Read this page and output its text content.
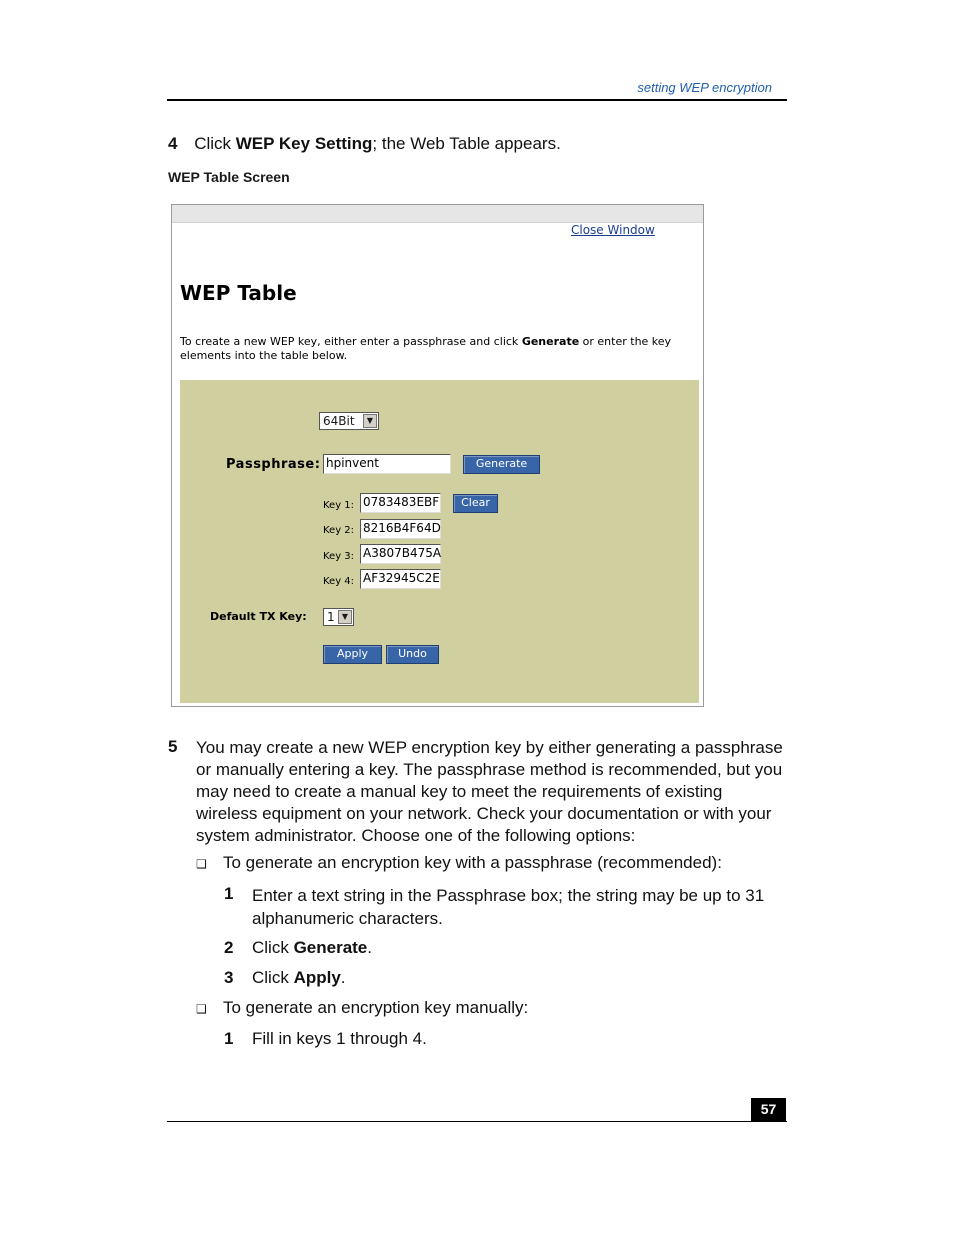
setting WEP encryption
4 Click WEP Key Setting; the Web Table appears.
WEP Table Screen
Close Window
WEP Table
To create a new WEP key, either enter a passphrase and click Generate or enter the key elements into the table below.
64Bit	▼
Passphrase: hpinvent	Generate
Key 1: 0783483EBF	Clear
Key 2: 8216B4F64D
Key 3: A3807B475A
Key 4: AF32945C2E
Default TX Key: 1 ▼
Apply	Undo
5 You may create a new WEP encryption key by either generating a passphrase or manually entering a key. The passphrase method is recommended, but you may need to create a manual key to meet the requirements of existing wireless equipment on your network. Check your documentation or with your system administrator. Choose one of the following options:
❑ To generate an encryption key with a passphrase (recommended):
1 Enter a text string in the Passphrase box; the string may be up to 31 alphanumeric characters.
2 Click Generate.
3 Click Apply.
❑ To generate an encryption key manually:
1 Fill in keys 1 through 4.
57
